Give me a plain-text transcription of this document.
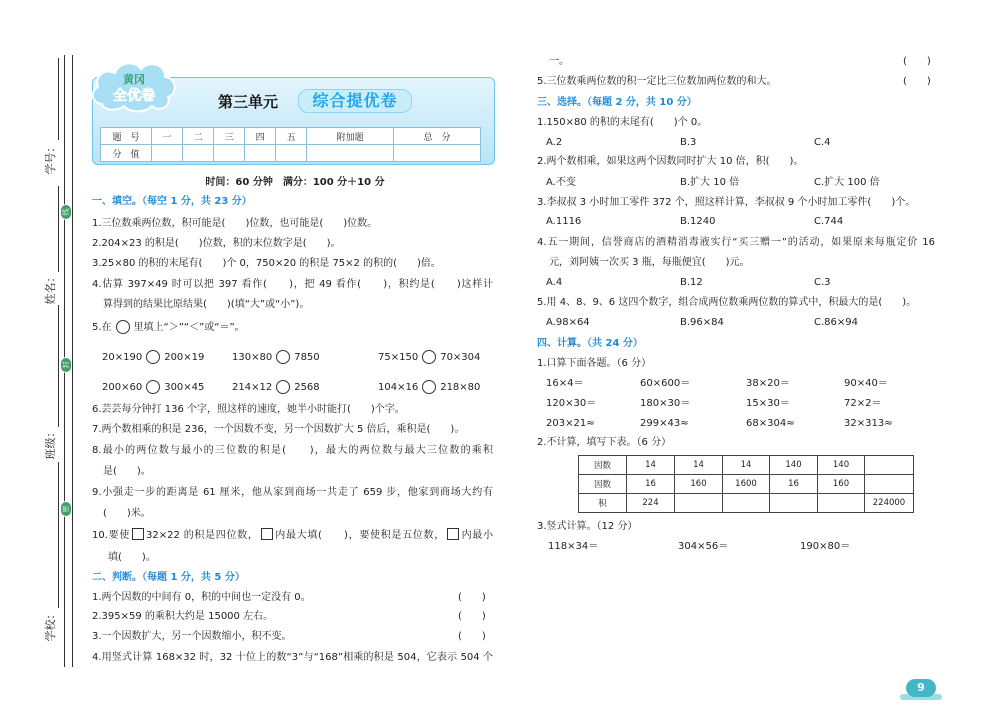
学号：
姓名：
班级：
学校：
线
封
密
黄冈
全优卷	第三单元	综合提优卷
题　号	一	二	三	四	五	附加题	总　分
分　值							
时间：60 分钟　满分：100 分＋10 分
一、填空。（每空 1 分，共 23 分）
1.三位数乘两位数，积可能是(　　)位数，也可能是(　　)位数。
2.204×23 的积是(　　)位数，积的末位数字是(　　)。
3.25×80 的积的末尾有(　　)个 0，750×20 的积是 75×2 的积的(　　)倍。
4.估算 397×49 时可以把 397 看作(　　)，把 49 看作(　　)，积约是(　　)这样计
算得到的结果比原结果(　　)(填“大”或“小”)。
5.在 里填上“＞”“＜”或“＝”。
20×190 200×19	130×80 7850	75×150 70×304
200×60 300×45	214×12 2568	104×16 218×80
6.芸芸每分钟打 136 个字，照这样的速度，她半小时能打(　　)个字。
7.两个数相乘的积是 236，一个因数不变，另一个因数扩大 5 倍后，乘积是(　　)。
8.最小的两位数与最小的三位数的积是(　　)，最大的两位数与最大三位数的乘积
是(　　)。
9.小强走一步的距离是 61 厘米，他从家到商场一共走了 659 步，他家到商场大约有
(　　)米。
10.要使 32×22 的积是四位数， 内最大填(　　)，要使积是五位数， 内最小
填(　　)。
二、判断。（每题 1 分，共 5 分）
1.两个因数的中间有 0，积的中间也一定没有 0。	(　　)
2.395×59 的乘积大约是 15000 左右。	(　　)
3.一个因数扩大，另一个因数缩小，积不变。	(　　)
4.用竖式计算 168×32 时，32 十位上的数“3”与“168”相乘的积是 504，它表示 504 个
一。	(　　)
5.三位数乘两位数的积一定比三位数加两位数的和大。	(　　)
三、选择。（每题 2 分，共 10 分）
1.150×80 的积的末尾有(　　)个 0。
A.2	B.3	C.4
2.两个数相乘，如果这两个因数同时扩大 10 倍，积(　　)。
A.不变	B.扩大 10 倍	C.扩大 100 倍
3.李叔叔 3 小时加工零件 372 个，照这样计算，李叔叔 9 个小时加工零件(　　)个。
A.1116	B.1240	C.744
4.五一期间，信誉商店的酒精消毒液实行“买三赠一”的活动，如果原来每瓶定价 16
元，刘阿姨一次买 3 瓶，每瓶便宜(　　)元。
A.4	B.12	C.3
5.用 4、8、9、6 这四个数字，组合成两位数乘两位数的算式中，积最大的是(　　)。
A.98×64	B.96×84	C.86×94
四、计算。（共 24 分）
1.口算下面各题。（6 分）
16×4＝	60×600＝	38×20＝	90×40＝
120×30＝	180×30＝	15×30＝	72×2＝
203×21≈	299×43≈	68×304≈	32×313≈
2.不计算，填写下表。（6 分）
因数	14	14	14	140	140	
因数	16	160	1600	16	160	
积	224					224000
3.竖式计算。（12 分）
118×34＝	304×56＝	190×80＝
9
